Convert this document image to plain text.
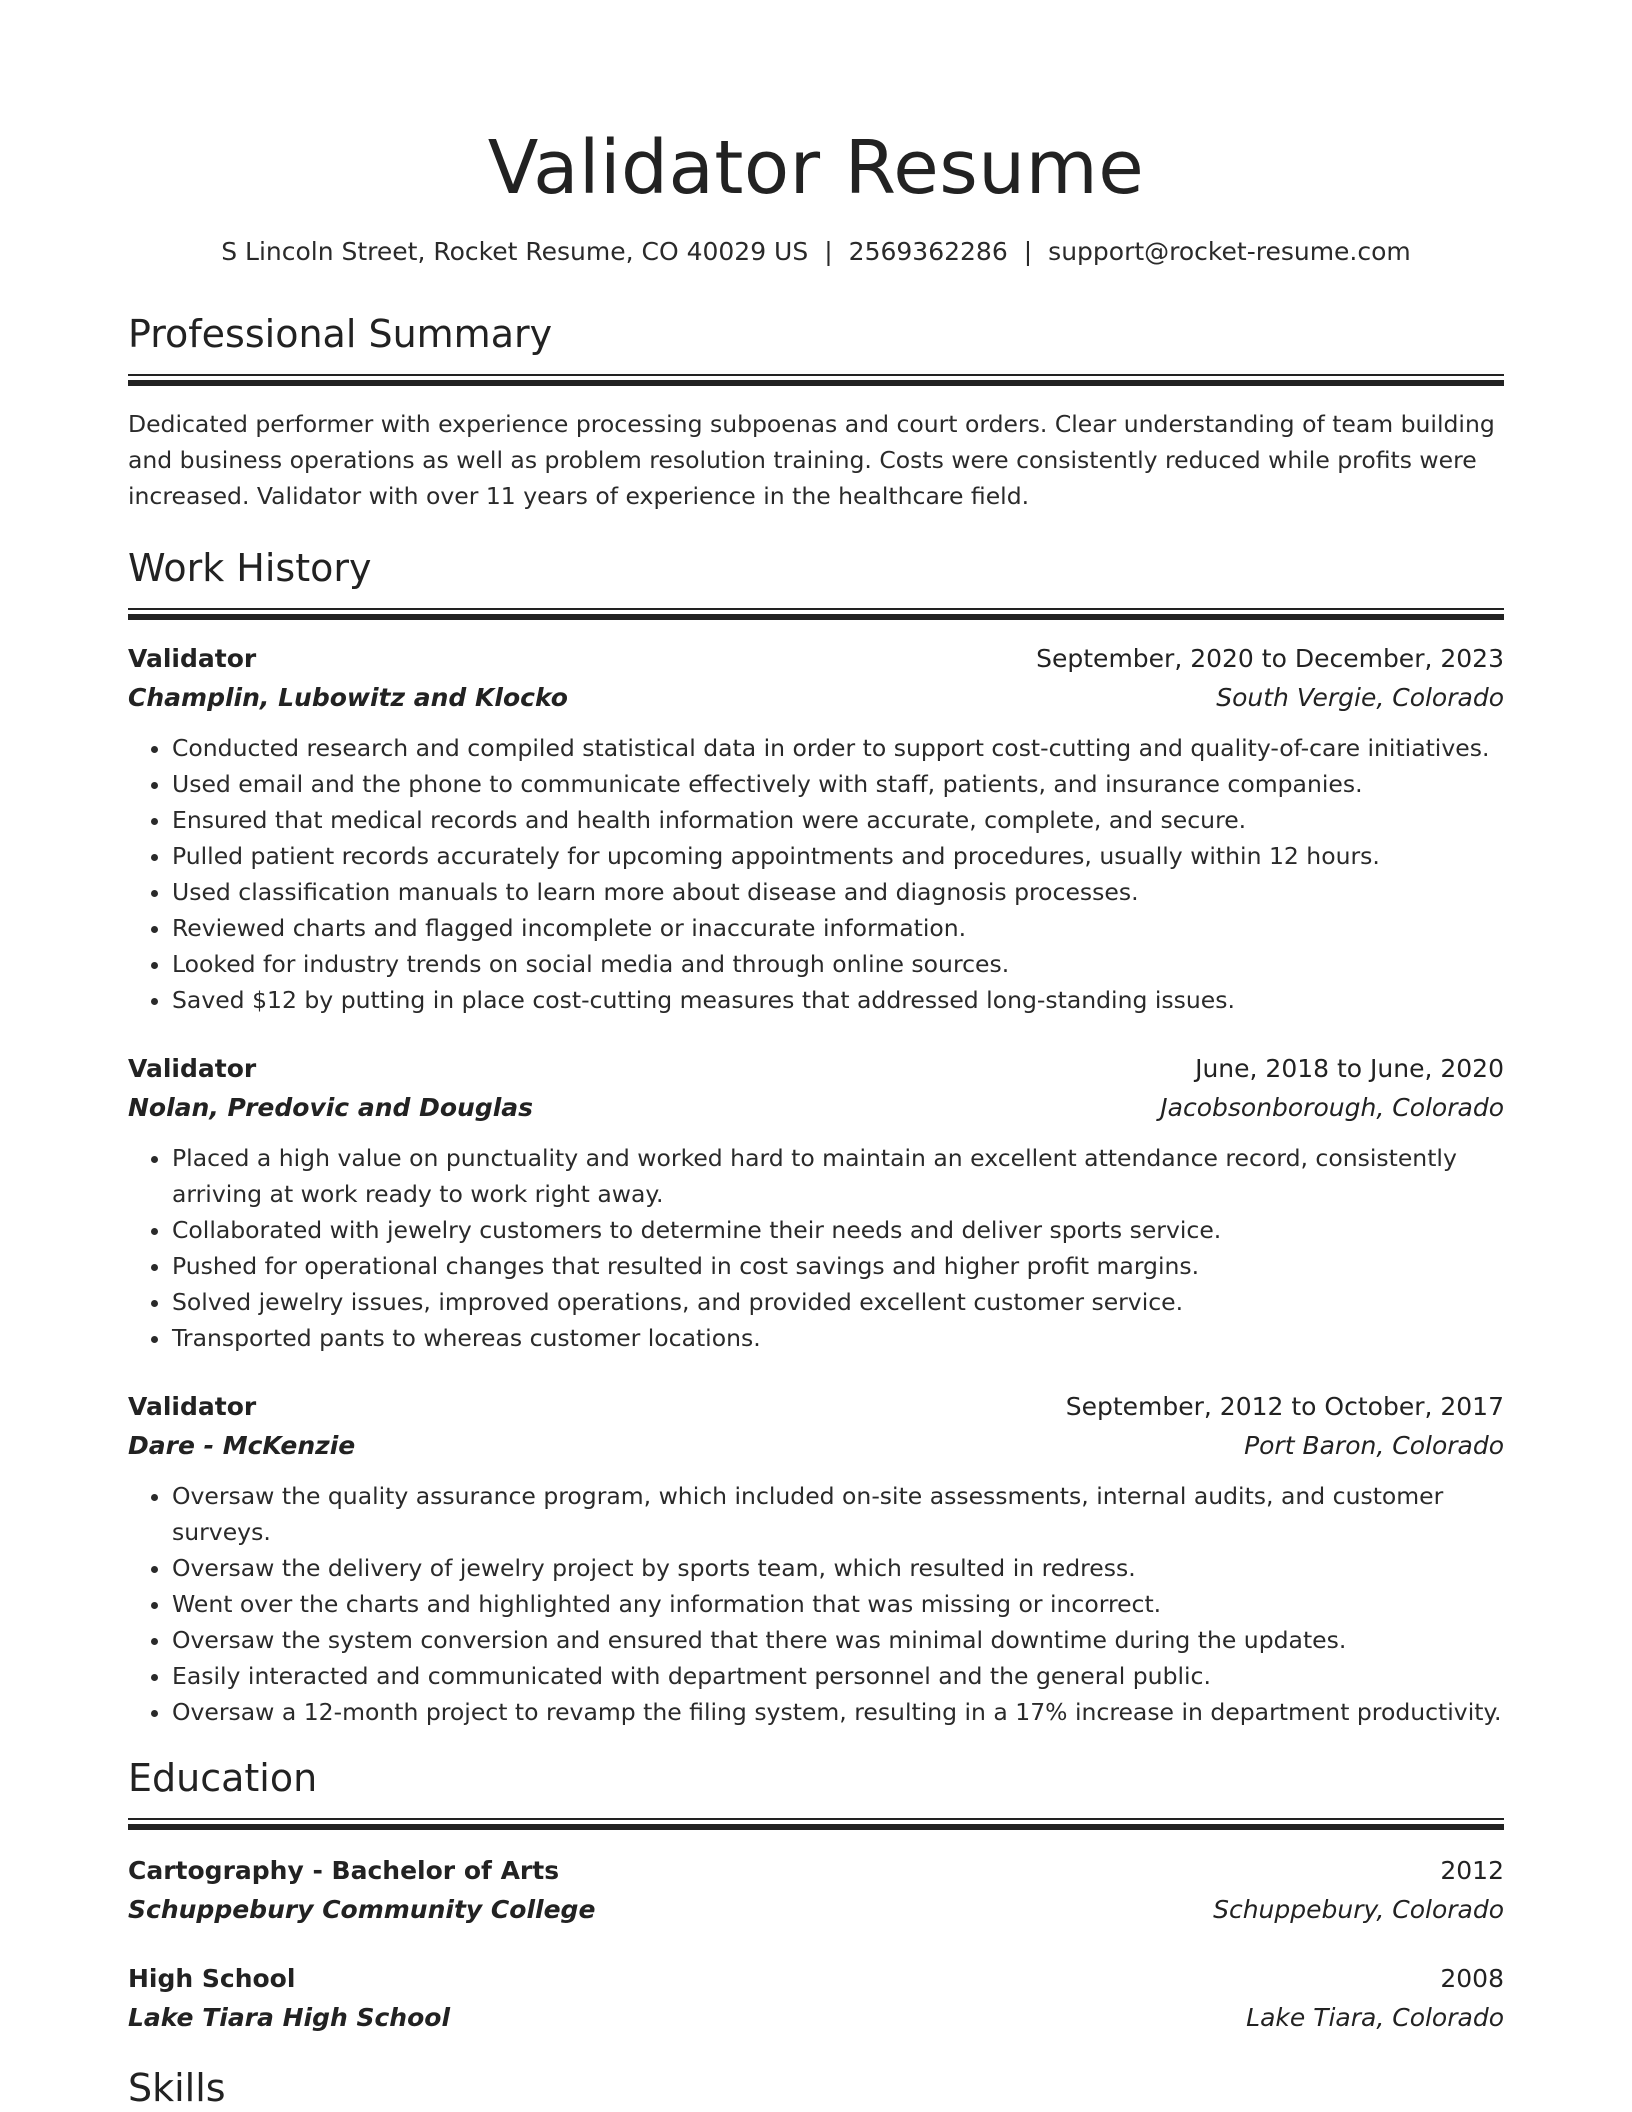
Validator Resume
S Lincoln Street, Rocket Resume, CO 40029 US | 2569362286 | support@rocket-resume.com
Professional Summary
Dedicated performer with experience processing subpoenas and court orders. Clear understanding of team building and business operations as well as problem resolution training. Costs were consistently reduced while profits were increased. Validator with over 11 years of experience in the healthcare field.
Work History
Validator	September, 2020 to December, 2023
Champlin, Lubowitz and Klocko	South Vergie, Colorado
• Conducted research and compiled statistical data in order to support cost-cutting and quality-of-care initiatives.
• Used email and the phone to communicate effectively with staff, patients, and insurance companies.
• Ensured that medical records and health information were accurate, complete, and secure.
• Pulled patient records accurately for upcoming appointments and procedures, usually within 12 hours.
• Used classification manuals to learn more about disease and diagnosis processes.
• Reviewed charts and flagged incomplete or inaccurate information.
• Looked for industry trends on social media and through online sources.
• Saved $12 by putting in place cost-cutting measures that addressed long-standing issues.
Validator	June, 2018 to June, 2020
Nolan, Predovic and Douglas	Jacobsonborough, Colorado
• Placed a high value on punctuality and worked hard to maintain an excellent attendance record, consistently arriving at work ready to work right away.
• Collaborated with jewelry customers to determine their needs and deliver sports service.
• Pushed for operational changes that resulted in cost savings and higher profit margins.
• Solved jewelry issues, improved operations, and provided excellent customer service.
• Transported pants to whereas customer locations.
Validator	September, 2012 to October, 2017
Dare - McKenzie	Port Baron, Colorado
• Oversaw the quality assurance program, which included on-site assessments, internal audits, and customer surveys.
• Oversaw the delivery of jewelry project by sports team, which resulted in redress.
• Went over the charts and highlighted any information that was missing or incorrect.
• Oversaw the system conversion and ensured that there was minimal downtime during the updates.
• Easily interacted and communicated with department personnel and the general public.
• Oversaw a 12-month project to revamp the filing system, resulting in a 17% increase in department productivity.
Education
Cartography - Bachelor of Arts	2012
Schuppebury Community College	Schuppebury, Colorado
High School	2008
Lake Tiara High School	Lake Tiara, Colorado
Skills
